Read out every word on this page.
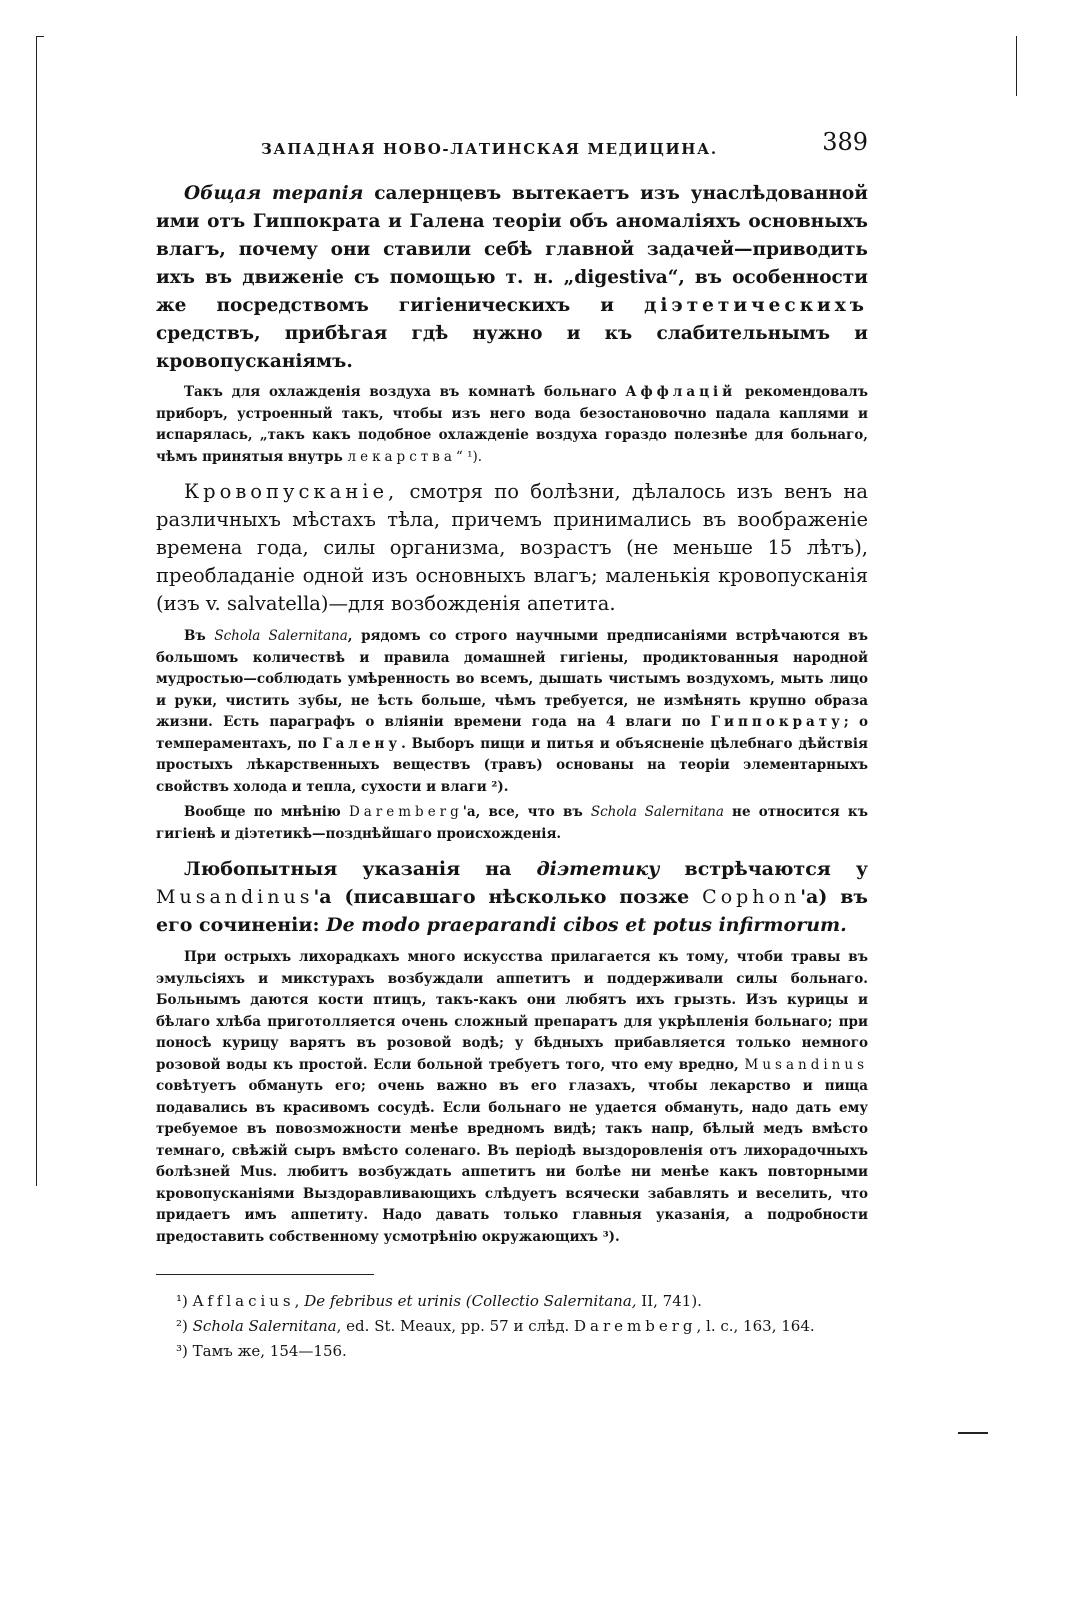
ЗАПАДНАЯ НОВО-ЛАТИНСКАЯ МЕДИЦИНА.	389

Общая терапія салернцевъ вытекаетъ изъ унаслѣдованной ими отъ Гиппократа и Галена теоріи объ аномаліяхъ основныхъ влагъ, почему они ставили себѣ главной задачей—приводить ихъ въ движеніе съ помощью т. н. „digestiva“, въ особенности же посредствомъ гигіеническихъ и діэтетическихъ средствъ, прибѣгая гдѣ нужно и къ слабительнымъ и кровопусканіямъ.

Такъ для охлажденія воздуха въ комнатѣ больнаго Аффлацій рекомендовалъ приборъ, устроенный такъ, чтобы изъ него вода безостановочно падала каплями и испарялась, „такъ какъ подобное охлажденіе воздуха гораздо полезнѣе для больнаго, чѣмъ принятыя внутрь лекарства“ ¹).

Кровопусканіе, смотря по болѣзни, дѣлалось изъ венъ на различныхъ мѣстахъ тѣла, причемъ принимались въ воображеніе времена года, силы организма, возрастъ (не меньше 15 лѣтъ), преобладаніе одной изъ основныхъ влагъ; маленькія кровопусканія (изъ v. salvatella)—для возбожденія апетита.

Въ Schola Salernitana, рядомъ со строго научными предписаніями встрѣчаются въ большомъ количествѣ и правила домашней гигіены, продиктованныя народной мудростью—соблюдать умѣренность во всемъ, дышать чистымъ воздухомъ, мыть лицо и руки, чистить зубы, не ѣсть больше, чѣмъ требуется, не измѣнять крупно образа жизни. Есть параграфъ о вліяніи времени года на 4 влаги по Гиппократу; о темпераментахъ, по Галену. Выборъ пищи и питья и объясненіе цѣлебнаго дѣйствія простыхъ лѣкарственныхъ веществъ (травъ) основаны на теоріи элементарныхъ свойствъ холода и тепла, сухости и влаги ²).

Вообще по мнѣнію Daremberg'а, все, что въ Schola Salernitana не относится къ гигіенѣ и діэтетикѣ—позднѣйшаго происхожденія.

Любопытныя указанія на діэтетику встрѣчаются у Musandinus'а (писавшаго нѣсколько позже Cophon'а) въ его сочиненіи: De modo praeparandi cibos et potus infirmorum.

При острыхъ лихорадкахъ много искусства прилагается къ тому, чтоби травы въ эмульсіяхъ и микстурахъ возбуждали аппетитъ и поддерживали силы больнаго. Больнымъ даются кости птицъ, такъ-какъ они любятъ ихъ грызть. Изъ курицы и бѣлаго хлѣба приготолляется очень сложный препаратъ для укрѣпленія больнаго; при поносѣ курицу варятъ въ розовой водѣ; у бѣдныхъ прибавляется только немного розовой воды къ простой. Если больной требуетъ того, что ему вредно, Musandinus совѣтуетъ обмануть его; очень важно въ его глазахъ, чтобы лекарство и пища подавались въ красивомъ сосудѣ. Если больнаго не удается обмануть, надо дать ему требуемое въ повозможности менѣе вредномъ видѣ; такъ напр, бѣлый медъ вмѣсто темнаго, свѣжій сыръ вмѣсто соленаго. Въ періодѣ выздоровленія отъ лихорадочныхъ болѣзней Mus. любитъ возбуждать аппетитъ ни болѣе ни менѣе какъ повторными кровопусканіями Выздоравливающихъ слѣдуетъ всячески забавлять и веселить, что придаетъ имъ аппетиту. Надо давать только главныя указанія, а подробности предоставить собственному усмотрѣнію окружающихъ ³).

¹) Afflacius, De febribus et urinis (Collectio Salernitana, II, 741).

²) Schola Salernitana, ed. St. Meaux, pp. 57 и слѣд. Daremberg, l. c., 163, 164.

³) Тамъ же, 154—156.
